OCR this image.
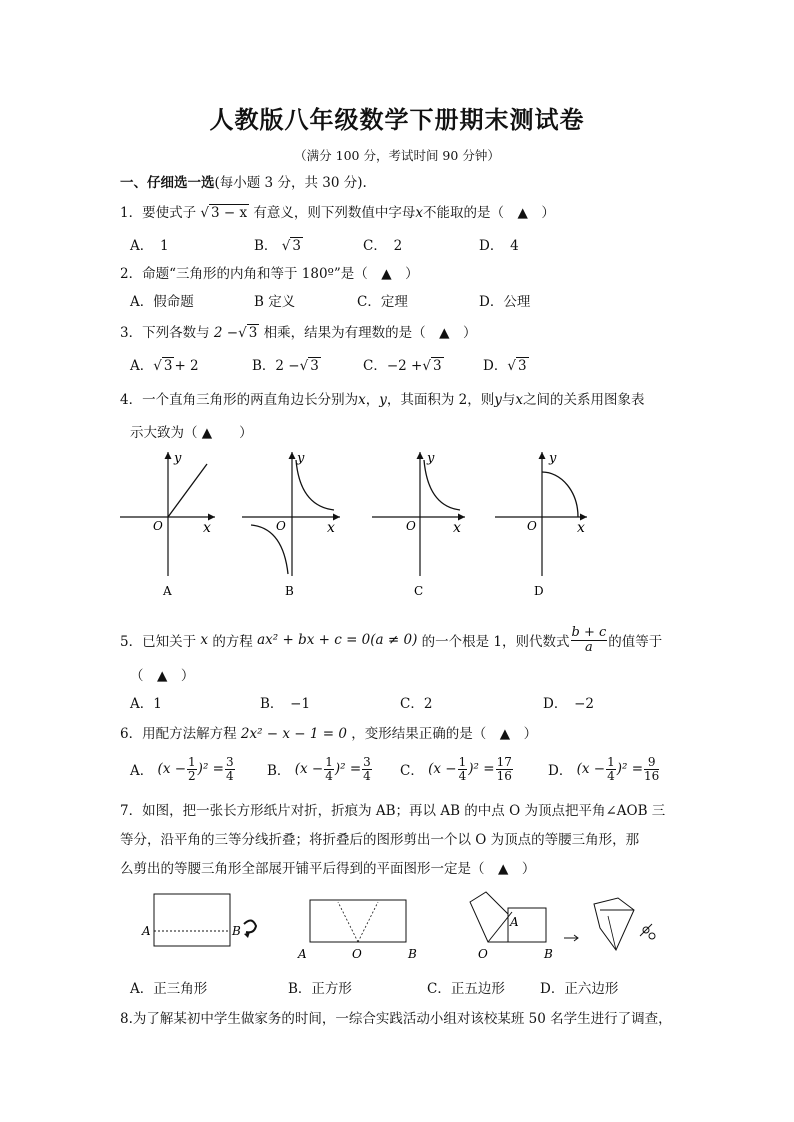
人教版八年级数学下册期末测试卷
（满分 100 分，考试时间 90 分钟）
一、仔细选一选(每小题 3 分，共 30 分).
1．要使式子 √ 3 − x 有意义，则下列数值中字母x不能取的是（　▲　）
A．　1	B． √ 3	C．　2	D．　4
2．命题“三角形的内角和等于 180º”是（　▲　）
A．假命题	B 定义	C．定理	D．公理
3．下列各数与 2 −√ 3 相乘，结果为有理数的是（　▲　）
A．√ 3 + 2	B．2 −√ 3	C．−2 +√ 3	D．√ 3
4．一个直角三角形的两直角边长分别为x，y，其面积为 2，则y与x之间的关系用图象表
示大致为（ ▲　　）
O	x
y
A
O	x
y
B
O	x
y
C
O	x
y
D
5．已知关于
x
的方程
ax² + bx + c = 0(a ≠ 0)
的一个根是 1，则代数式 $\frac{b + c}{a}$ 的值等于
（　▲　）
A．1	B．　−1	C．2	D．　−2
6．用配方法解方程 2x² − x − 1 = 0 ，变形结果正确的是（　▲　）
A．
$(x - \frac{1}{2} )^2 = \frac{3}{4}$ B．
$(x - \frac{1}{4} )^2 = \frac{3}{4}$ C．
$(x - \frac{1}{4} )^2 = \frac{17}{16}$	D．
$(x - \frac{1}{4} )^2 = \frac{9}{16}$
7．如图，把一张长方形纸片对折，折痕为 AB；再以 AB 的中点 O 为顶点把平角∠AOB 三
等分，沿平角的三等分线折叠；将折叠后的图形剪出一个以 O 为顶点的等腰三角形，那
么剪出的等腰三角形全部展开铺平后得到的平面图形一定是（　▲　）
A	B
A	O	B
A
O	B
A．正三角形	B．正方形	C．正五边形	D．正六边形
8.为了解某初中学生做家务的时间，一综合实践活动小组对该校某班 50 名学生进行了调查，
